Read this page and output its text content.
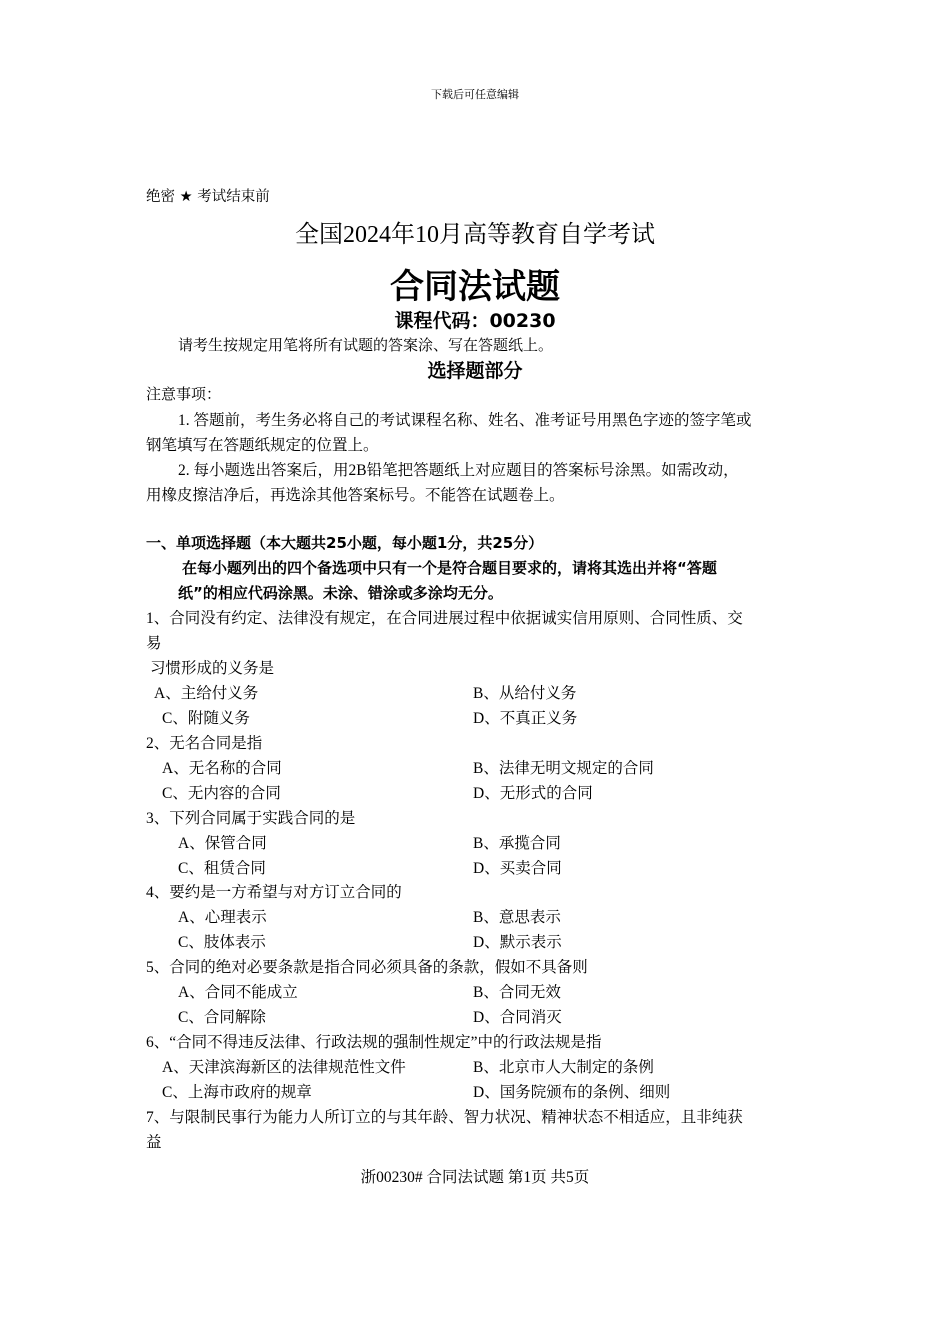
下载后可任意编辑
绝密 ★ 考试结束前
全国2024年10月高等教育自学考试
合同法试题
课程代码：00230
请考生按规定用笔将所有试题的答案涂、写在答题纸上。
选择题部分
注意事项：
1. 答题前，考生务必将自己的考试课程名称、姓名、准考证号用黑色字迹的签字笔或
钢笔填写在答题纸规定的位置上。
2. 每小题选出答案后，用2B铅笔把答题纸上对应题目的答案标号涂黑。如需改动，
用橡皮擦洁净后，再选涂其他答案标号。不能答在试题卷上。
一、单项选择题（本大题共25小题，每小题1分，共25分）
在每小题列出的四个备选项中只有一个是符合题目要求的，请将其选出并将“答题
纸”的相应代码涂黑。未涂、错涂或多涂均无分。
1、合同没有约定、法律没有规定，在合同进展过程中依据诚实信用原则、合同性质、交
易
习惯形成的义务是
A、主给付义务	B、从给付义务
C、附随义务	D、不真正义务
2、无名合同是指
A、无名称的合同	B、法律无明文规定的合同
C、无内容的合同	D、无形式的合同
3、下列合同属于实践合同的是
A、保管合同	B、承揽合同
C、租赁合同	D、买卖合同
4、要约是一方希望与对方订立合同的
A、心理表示	B、意思表示
C、肢体表示	D、默示表示
5、合同的绝对必要条款是指合同必须具备的条款，假如不具备则
A、合同不能成立	B、合同无效
C、合同解除	D、合同消灭
6、“合同不得违反法律、行政法规的强制性规定”中的行政法规是指
A、天津滨海新区的法律规范性文件	B、北京市人大制定的条例
C、上海市政府的规章	D、国务院颁布的条例、细则
7、与限制民事行为能力人所订立的与其年龄、智力状况、精神状态不相适应，且非纯获
益
浙00230# 合同法试题 第1页 共5页
